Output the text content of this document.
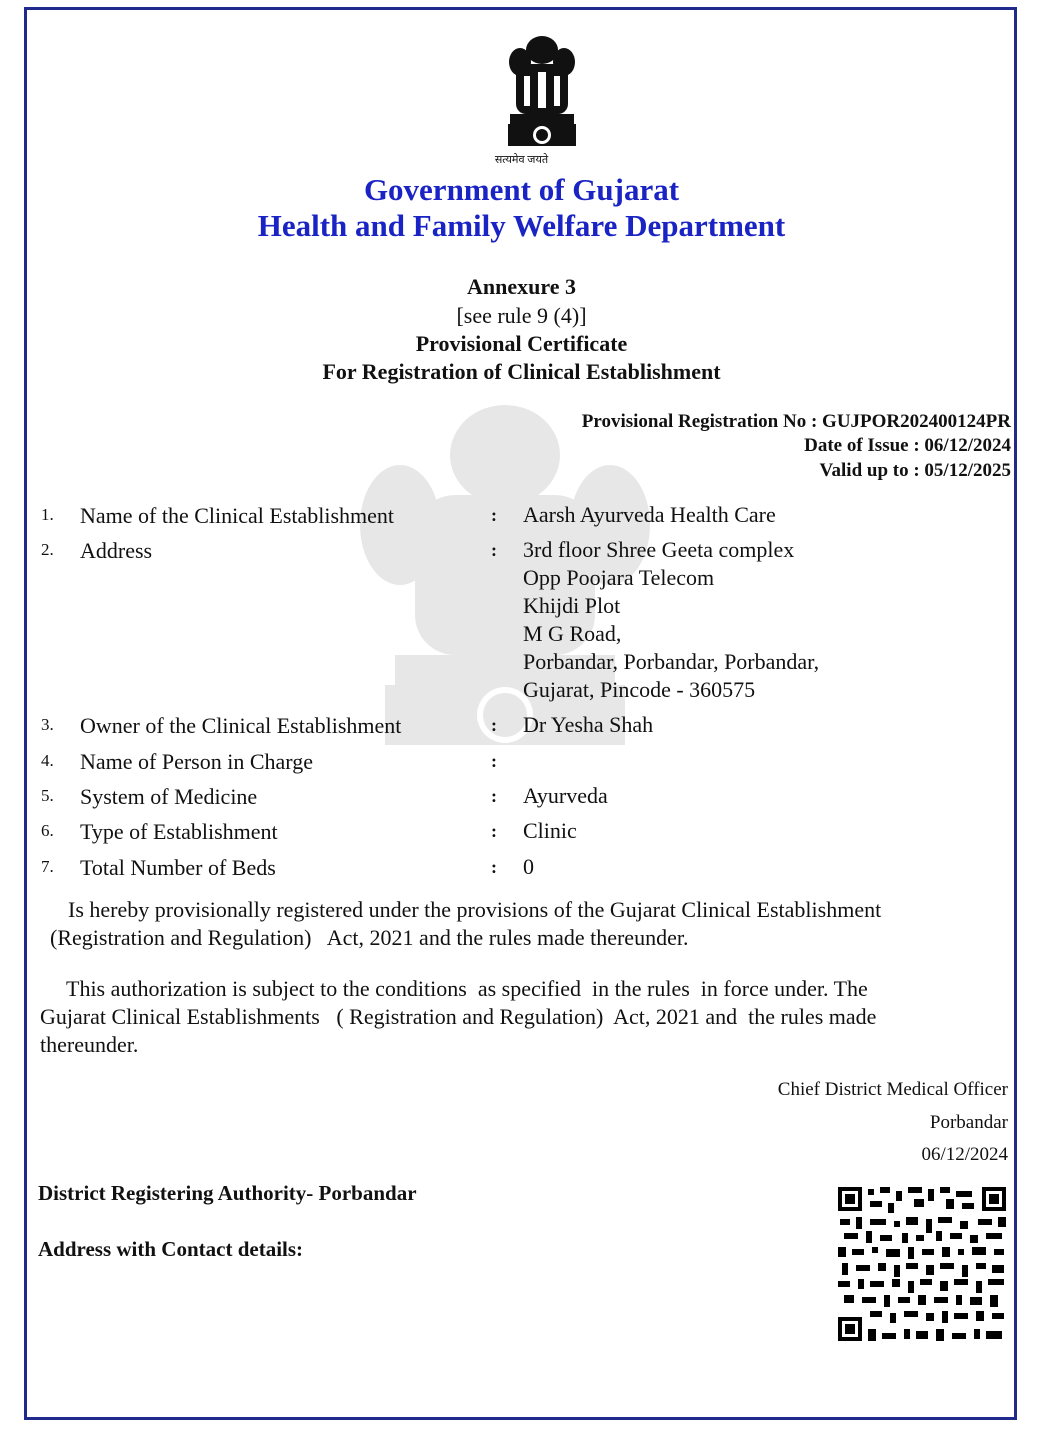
सत्यमेव जयते
Government of Gujarat
Health and Family Welfare Department
Annexure 3
[see rule 9 (4)]
Provisional Certificate
For Registration of Clinical Establishment
Provisional Registration No : GUJPOR202400124PR
Date of Issue : 06/12/2024
Valid up to : 05/12/2025
1. Name of the Clinical Establishment	: Aarsh Ayurveda Health Care
2. Address	: 3rd floor Shree Geeta complex
Opp Poojara Telecom
Khijdi Plot
M G Road,
Porbandar, Porbandar, Porbandar,
Gujarat, Pincode - 360575
3. Owner of the Clinical Establishment	: Dr Yesha Shah
4. Name of Person in Charge	:
5. System of Medicine	: Ayurveda
6. Type of Establishment	: Clinic
7. Total Number of Beds	: 0
Is hereby provisionally registered under the provisions of the Gujarat Clinical Establishment
(Registration and Regulation)   Act, 2021 and the rules made thereunder.
This authorization is subject to the conditions  as specified  in the rules  in force under. The
Gujarat Clinical Establishments   ( Registration and Regulation)  Act, 2021 and  the rules made
thereunder.
Chief District Medical Officer
Porbandar
06/12/2024
District Registering Authority- Porbandar
Address with Contact details:
